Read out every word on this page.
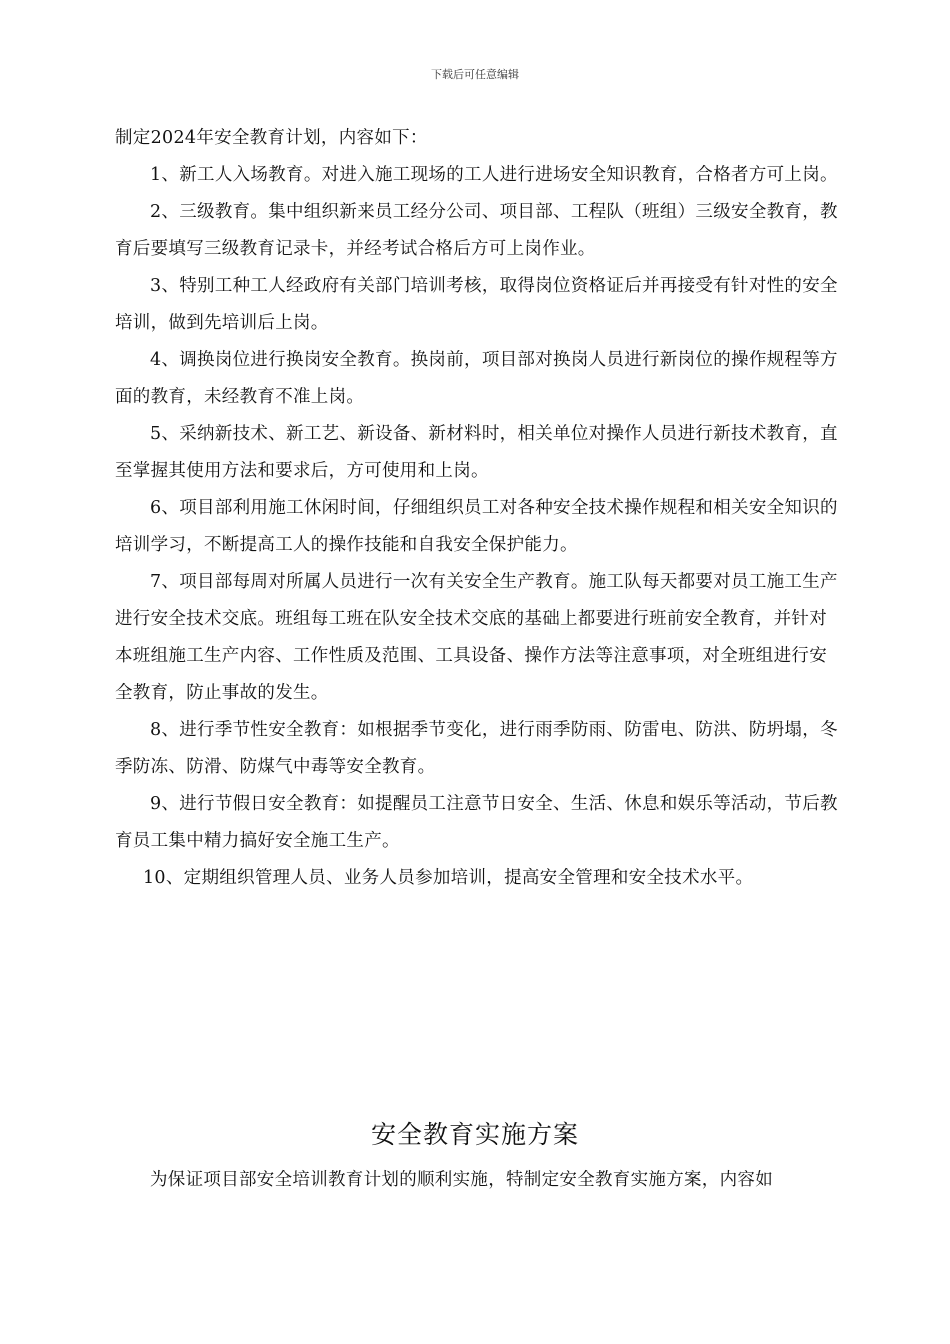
下载后可任意编辑

制定2024年安全教育计划，内容如下：

1、新工人入场教育。对进入施工现场的工人进行进场安全知识教育，合格者方可上岗。

2、三级教育。集中组织新来员工经分公司、项目部、工程队（班组）三级安全教育，教育后要填写三级教育记录卡，并经考试合格后方可上岗作业。

3、特别工种工人经政府有关部门培训考核，取得岗位资格证后并再接受有针对性的安全培训，做到先培训后上岗。

4、调换岗位进行换岗安全教育。换岗前，项目部对换岗人员进行新岗位的操作规程等方面的教育，未经教育不准上岗。

5、采纳新技术、新工艺、新设备、新材料时，相关单位对操作人员进行新技术教育，直至掌握其使用方法和要求后，方可使用和上岗。

6、项目部利用施工休闲时间，仔细组织员工对各种安全技术操作规程和相关安全知识的培训学习，不断提高工人的操作技能和自我安全保护能力。

7、项目部每周对所属人员进行一次有关安全生产教育。施工队每天都要对员工施工生产进行安全技术交底。班组每工班在队安全技术交底的基础上都要进行班前安全教育，并针对本班组施工生产内容、工作性质及范围、工具设备、操作方法等注意事项，对全班组进行安全教育，防止事故的发生。

8、进行季节性安全教育：如根据季节变化，进行雨季防雨、防雷电、防洪、防坍塌，冬季防冻、防滑、防煤气中毒等安全教育。

9、进行节假日安全教育：如提醒员工注意节日安全、生活、休息和娱乐等活动，节后教育员工集中精力搞好安全施工生产。

10、定期组织管理人员、业务人员参加培训，提高安全管理和安全技术水平。

安全教育实施方案
为保证项目部安全培训教育计划的顺利实施，特制定安全教育实施方案，内容如
